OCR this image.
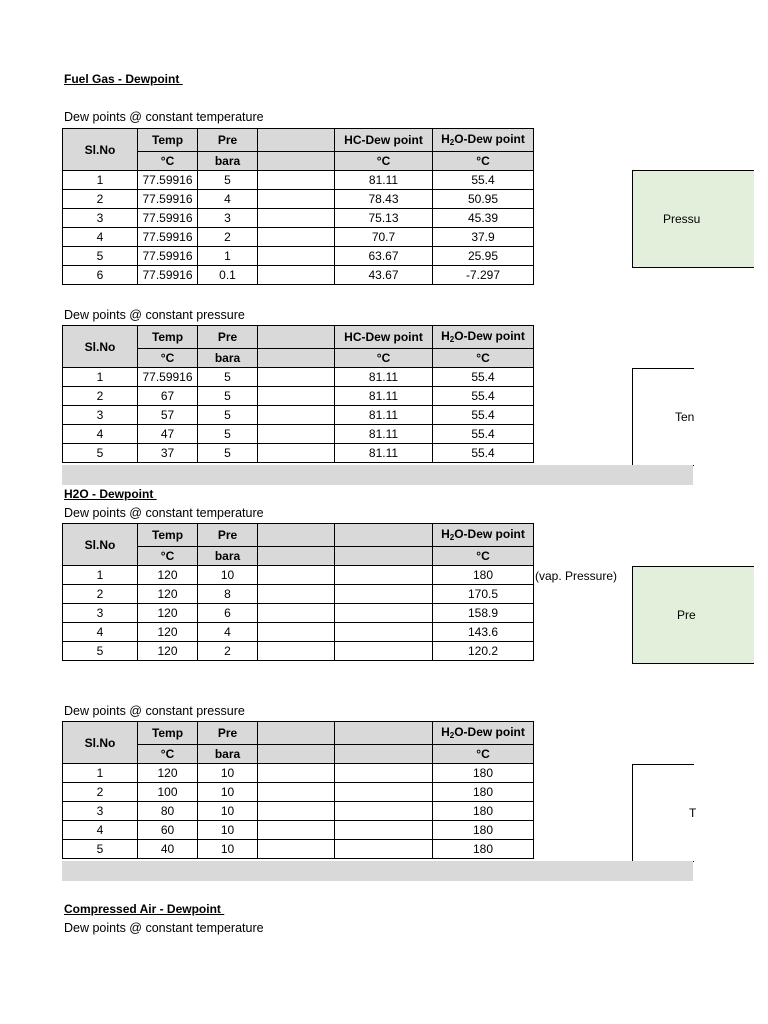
Fuel Gas - Dewpoint
Dew points @ constant temperature
Sl.No	Temp	Pre		HC-Dew point	$H_2O$-Dew point
	°C	bara		°C	°C
1	77.59916	5		81.11	55.4
2	77.59916	4		78.43	50.95
3	77.59916	3		75.13	45.39
4	77.59916	2		70.7	37.9
5	77.59916	1		63.67	25.95
6	77.59916	0.1		43.67	-7.297
Pressu
Dew points @ constant pressure
Sl.No	Temp	Pre		HC-Dew point	$H_2O$-Dew point
	°C	bara		°C	°C
1	77.59916	5		81.11	55.4
2	67	5		81.11	55.4
3	57	5		81.11	55.4
4	47	5		81.11	55.4
5	37	5		81.11	55.4
Ten
H2O - Dewpoint
Dew points @ constant temperature
Sl.No	Temp	Pre			$H_2O$-Dew point
	°C	bara			°C
1	120	10			180
2	120	8			170.5
3	120	6			158.9
4	120	4			143.6
5	120	2			120.2
(vap. Pressure)
Pre
Dew points @ constant pressure
Sl.No	Temp	Pre			$H_2O$-Dew point
	°C	bara			°C
1	120	10			180
2	100	10			180
3	80	10			180
4	60	10			180
5	40	10			180
T
Compressed Air - Dewpoint
Dew points @ constant temperature
